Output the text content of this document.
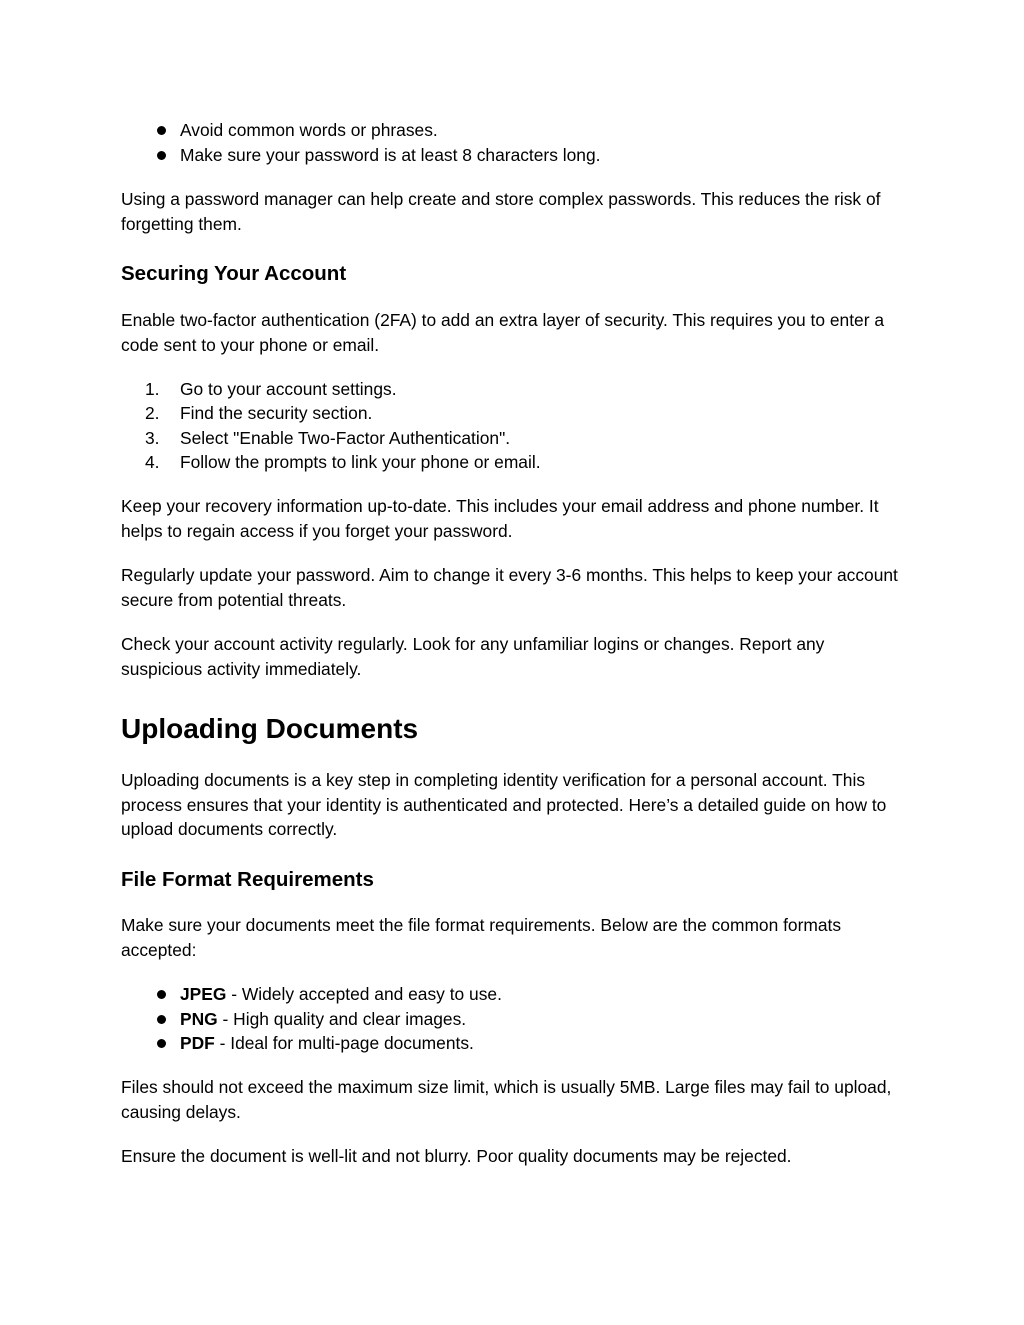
Avoid common words or phrases.
Make sure your password is at least 8 characters long.

Using a password manager can help create and store complex passwords. This reduces the risk of forgetting them.

Securing Your Account

Enable two-factor authentication (2FA) to add an extra layer of security. This requires you to enter a code sent to your phone or email.

1.	Go to your account settings.
2.	Find the security section.
3.	Select "Enable Two-Factor Authentication".
4.	Follow the prompts to link your phone or email.

Keep your recovery information up-to-date. This includes your email address and phone number. It helps to regain access if you forget your password.

Regularly update your password. Aim to change it every 3-6 months. This helps to keep your account secure from potential threats.

Check your account activity regularly. Look for any unfamiliar logins or changes. Report any suspicious activity immediately.

Uploading Documents

Uploading documents is a key step in completing identity verification for a personal account. This process ensures that your identity is authenticated and protected. Here’s a detailed guide on how to upload documents correctly.

File Format Requirements

Make sure your documents meet the file format requirements. Below are the common formats accepted:

JPEG - Widely accepted and easy to use.
PNG - High quality and clear images.
PDF - Ideal for multi-page documents.

Files should not exceed the maximum size limit, which is usually 5MB. Large files may fail to upload, causing delays.

Ensure the document is well-lit and not blurry. Poor quality documents may be rejected.
